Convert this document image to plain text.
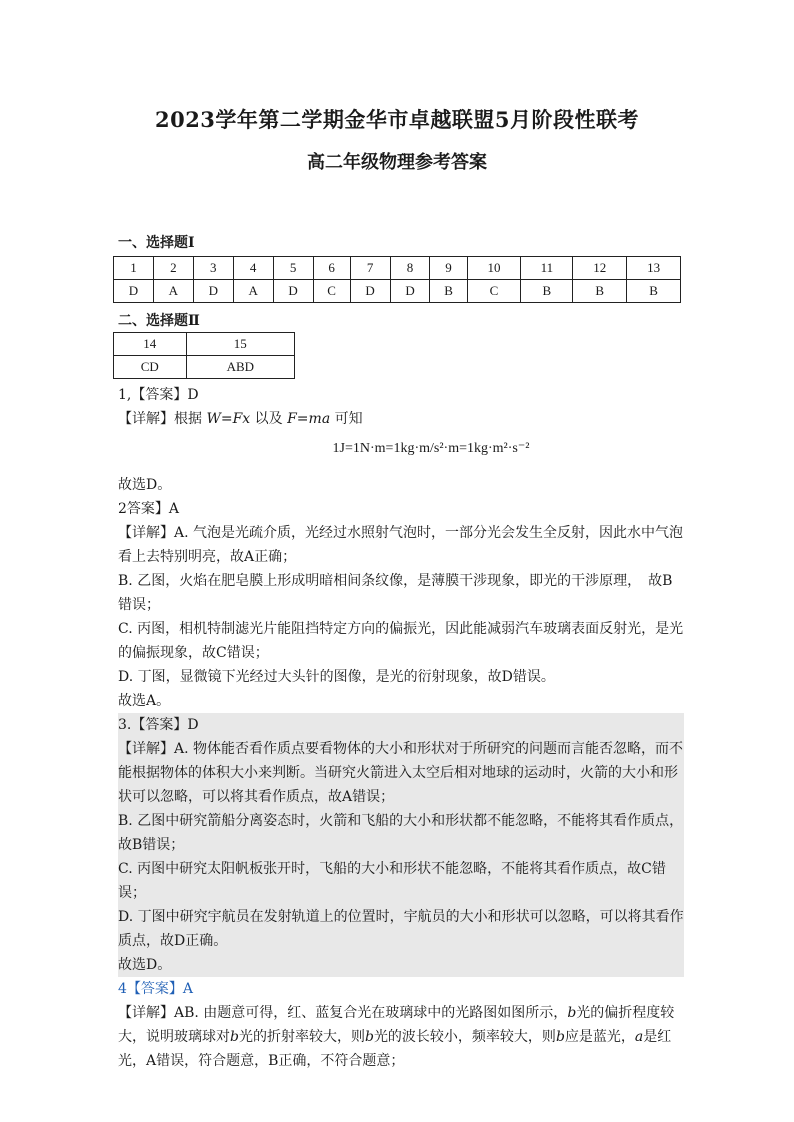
2023学年第二学期金华市卓越联盟5月阶段性联考
高二年级物理参考答案
一、选择题Ⅰ
1	2	3	4	5	6	7	8	9	10	11	12	13
D	A	D	A	D	C	D	D	B	C	B	B	B
二、选择题Ⅱ
14	15
CD	ABD

1,【答案】D

【详解】根据 W=Fx 以及 F=ma 可知

1J=1N·m=1kg·m/s²·m=1kg·m²·s⁻²

故选D。

2答案】A

【详解】A. 气泡是光疏介质，光经过水照射气泡时，一部分光会发生全反射，因此水中气泡看上去特别明亮，故A正确；

B. 乙图，火焰在肥皂膜上形成明暗相间条纹像，是薄膜干涉现象，即光的干涉原理，　故B错误；

C. 丙图，相机特制滤光片能阻挡特定方向的偏振光，因此能减弱汽车玻璃表面反射光，是光的偏振现象，故C错误；

D. 丁图，显微镜下光经过大头针的图像，是光的衍射现象，故D错误。

故选A。

3.【答案】D

【详解】A. 物体能否看作质点要看物体的大小和形状对于所研究的问题而言能否忽略，而不能根据物体的体积大小来判断。当研究火箭进入太空后相对地球的运动时，火箭的大小和形状可以忽略，可以将其看作质点，故A错误；

B. 乙图中研究箭船分离姿态时，火箭和飞船的大小和形状都不能忽略，不能将其看作质点，故B错误；

C. 丙图中研究太阳帆板张开时，飞船的大小和形状不能忽略，不能将其看作质点，故C错误；

D. 丁图中研究宇航员在发射轨道上的位置时，宇航员的大小和形状可以忽略，可以将其看作质点，故D正确。

故选D。

4【答案】A

【详解】AB. 由题意可得，红、蓝复合光在玻璃球中的光路图如图所示，b光的偏折程度较大，说明玻璃球对b光的折射率较大，则b光的波长较小，频率较大，则b应是蓝光，a是红光，A错误，符合题意，B正确，不符合题意；
